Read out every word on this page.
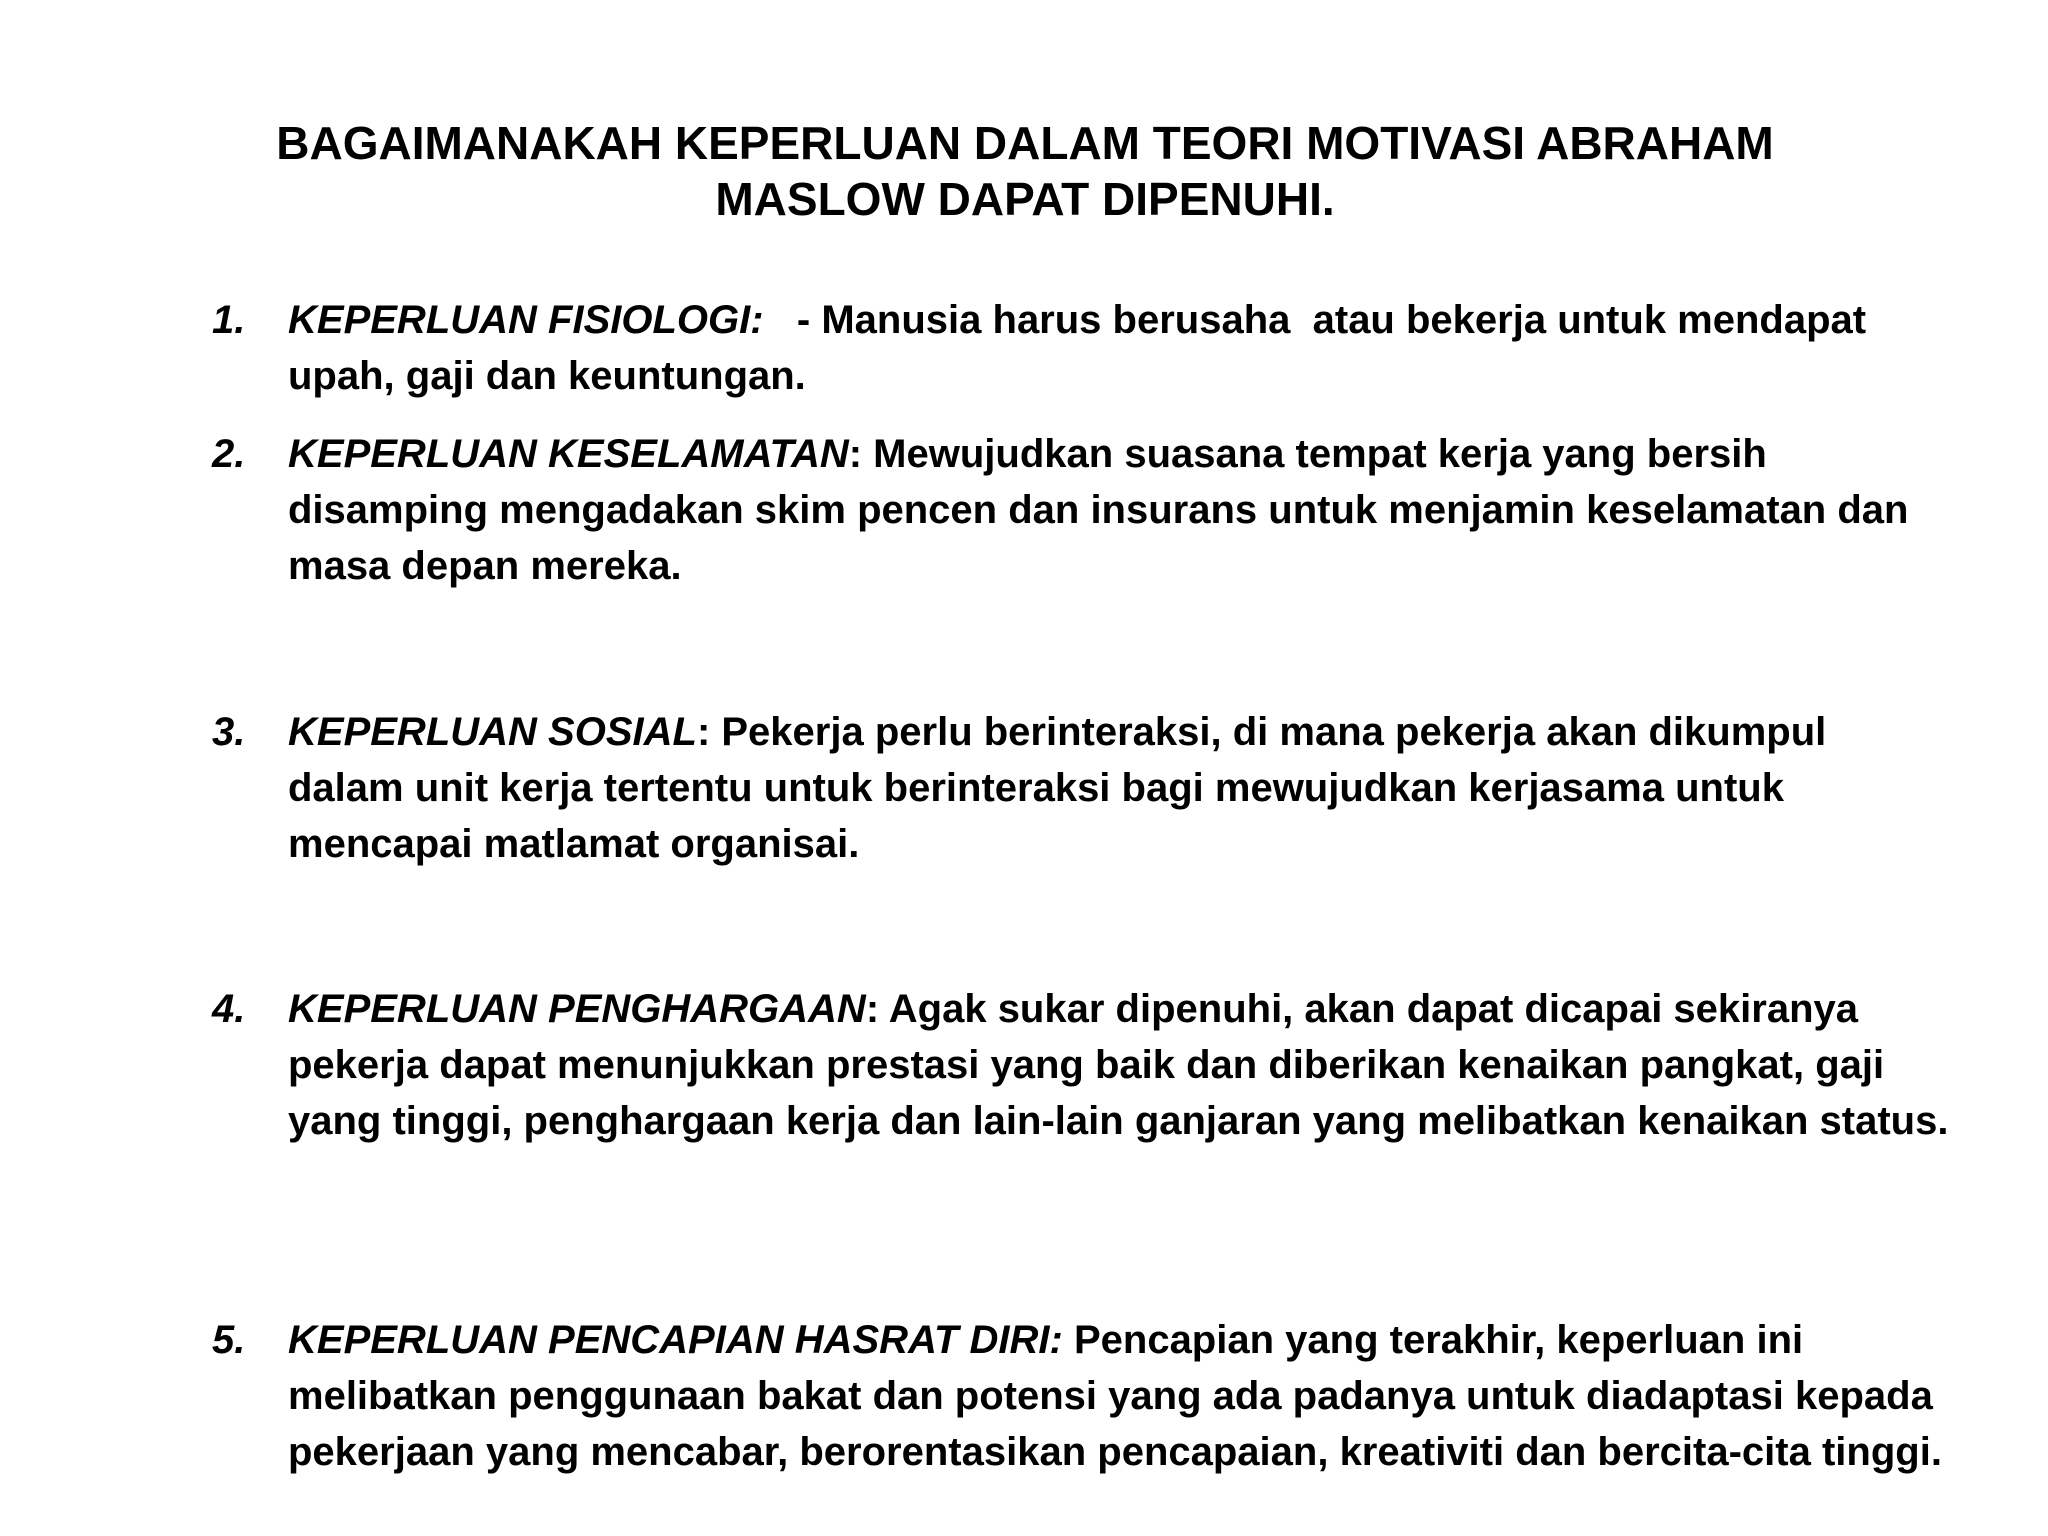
BAGAIMANAKAH KEPERLUAN DALAM TEORI MOTIVASI ABRAHAM
MASLOW DAPAT DIPENUHI.
1.	KEPERLUAN FISIOLOGI:   - Manusia harus berusaha  atau bekerja untuk mendapat upah, gaji dan keuntungan.
2.	KEPERLUAN KESELAMATAN: Mewujudkan suasana tempat kerja yang bersih disamping mengadakan skim pencen dan insurans untuk menjamin keselamatan dan masa depan mereka.
3.	KEPERLUAN SOSIAL: Pekerja perlu berinteraksi, di mana pekerja akan dikumpul dalam unit kerja tertentu untuk berinteraksi bagi mewujudkan kerjasama untuk mencapai matlamat organisai.
4.	KEPERLUAN PENGHARGAAN: Agak sukar dipenuhi, akan dapat dicapai sekiranya pekerja dapat menunjukkan prestasi yang baik dan diberikan kenaikan pangkat, gaji yang tinggi, penghargaan kerja dan lain-lain ganjaran yang melibatkan kenaikan status.
5.	KEPERLUAN PENCAPIAN HASRAT DIRI: Pencapian yang terakhir, keperluan ini melibatkan penggunaan bakat dan potensi yang ada padanya untuk diadaptasi kepada pekerjaan yang mencabar, berorentasikan pencapaian, kreativiti dan bercita-cita tinggi.
